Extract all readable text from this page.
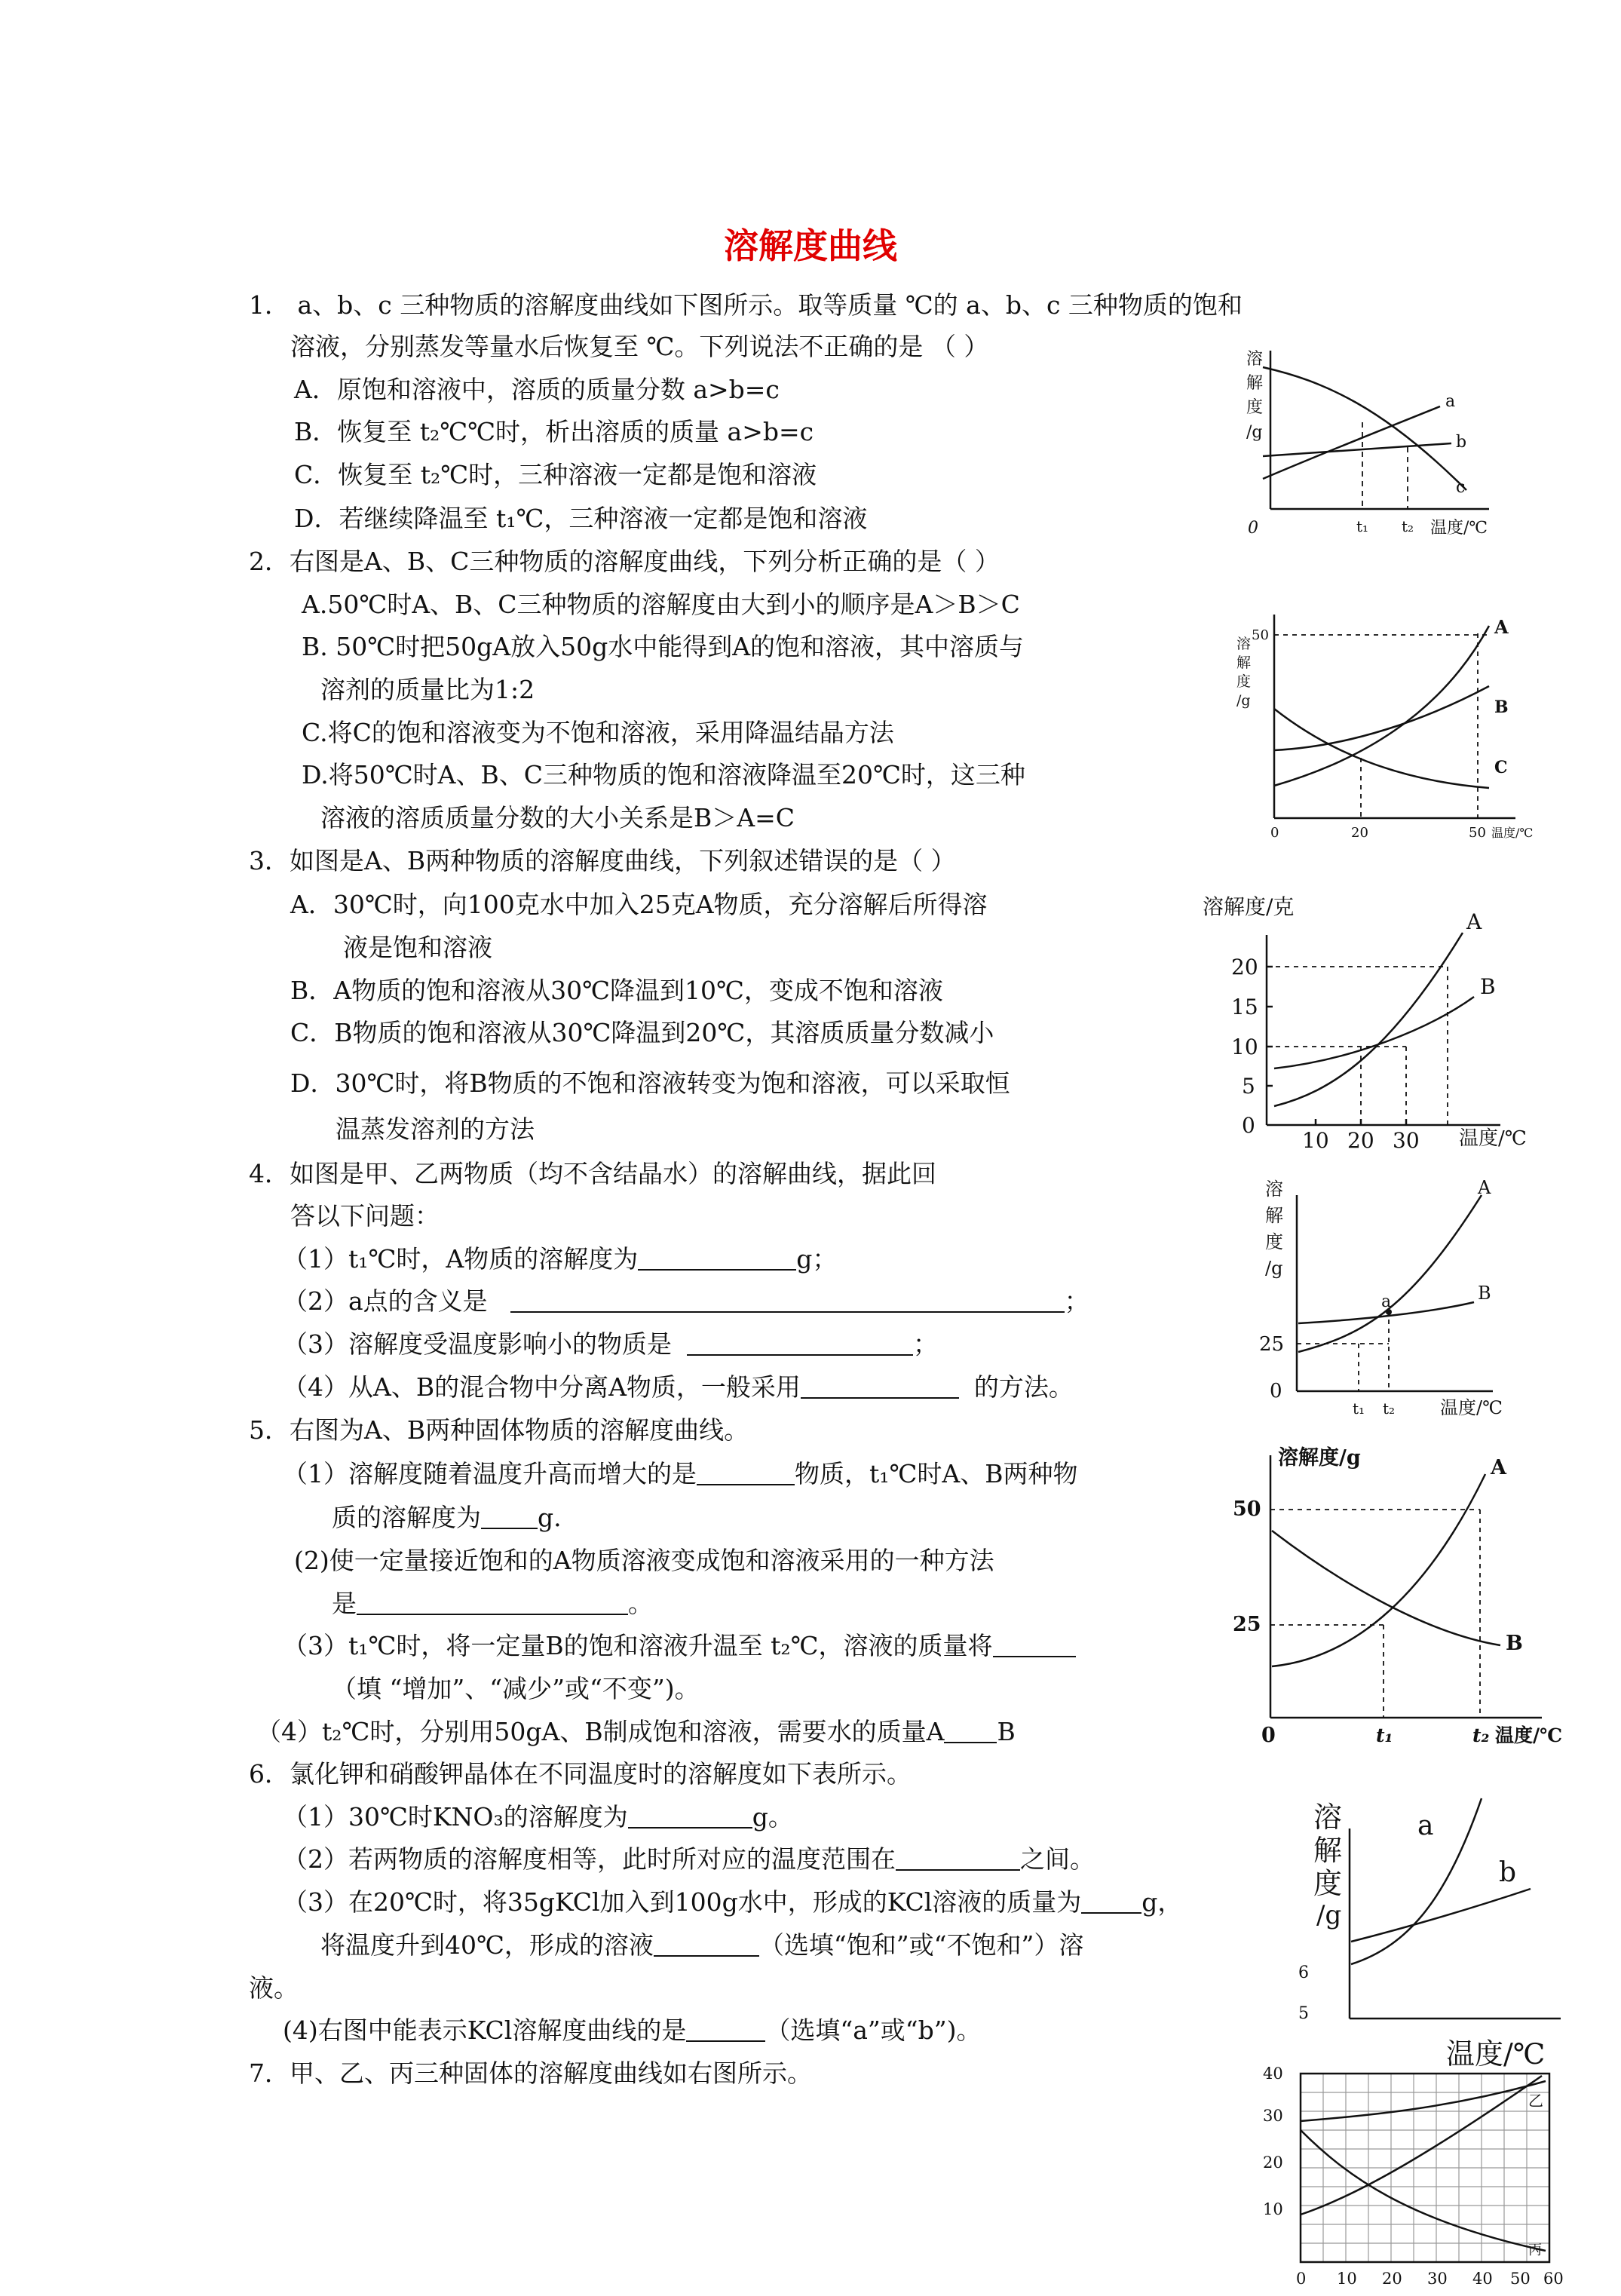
溶解度曲线
1． a、b、c 三种物质的溶解度曲线如下图所示。取等质量 ℃的 a、b、c 三种物质的饱和
溶液，分别蒸发等量水后恢复至 ℃。下列说法不正确的是 （ ）
A．原饱和溶液中，溶质的质量分数 a>b=c
B．恢复至 t₂℃℃时，析出溶质的质量 a>b=c
C．恢复至 t₂℃时，三种溶液一定都是饱和溶液
D．若继续降温至 t₁℃，三种溶液一定都是饱和溶液
2．右图是A、B、C三种物质的溶解度曲线，下列分析正确的是（ ）
A.50℃时A、B、C三种物质的溶解度由大到小的顺序是A＞B＞C
B. 50℃时把50gA放入50g水中能得到A的饱和溶液，其中溶质与
溶剂的质量比为1:2
C.将C的饱和溶液变为不饱和溶液，采用降温结晶方法
D.将50℃时A、B、C三种物质的饱和溶液降温至20℃时，这三种
溶液的溶质质量分数的大小关系是B＞A=C
3．如图是A、B两种物质的溶解度曲线，下列叙述错误的是（ ）
A．30℃时，向100克水中加入25克A物质，充分溶解后所得溶
液是饱和溶液
B．A物质的饱和溶液从30℃降温到10℃，变成不饱和溶液
C．B物质的饱和溶液从30℃降温到20℃，其溶质质量分数减小
D．30℃时，将B物质的不饱和溶液转变为饱和溶液，可以采取恒
温蒸发溶剂的方法
4．如图是甲、乙两物质（均不含结晶水）的溶解曲线，据此回
答以下问题：
（1）t₁℃时，A物质的溶解度为	g；
（2）a点的含义是	；
（3）溶解度受温度影响小的物质是	；
（4）从A、B的混合物中分离A物质，一般采用	的方法。
5．右图为A、B两种固体物质的溶解度曲线。
（1）溶解度随着温度升高而增大的是	物质，t₁℃时A、B两种物
质的溶解度为 g.
(2)使一定量接近饱和的A物质溶液变成饱和溶液采用的一种方法
是	。
（3）t₁℃时，将一定量B的饱和溶液升温至 t₂℃，溶液的质量将
（填 “增加”、“减少”或“不变”)。
（4）t₂℃时，分别用50gA、B制成饱和溶液，需要水的质量A B
6．氯化钾和硝酸钾晶体在不同温度时的溶解度如下表所示。
（1）30℃时KNO₃的溶解度为	g。
（2）若两物质的溶解度相等，此时所对应的温度范围在	之间。
（3）在20℃时，将35gKCl加入到100g水中，形成的KCl溶液的质量为 g，
将温度升到40℃，形成的溶液	（选填“饱和”或“不饱和”）溶
液。
(4)右图中能表示KCl溶解度曲线的是	（选填“a”或“b”)。
7．甲、乙、丙三种固体的溶解度曲线如右图所示。
溶
解
度
/g
0	t₁ t₂ 温度/℃
a
b
c
溶
解
度
/g
50
0	20	50 温度/℃
A
B
C
溶解度/克
20
15
10
5
0
10 20 30 温度/℃
A
B
溶
解
度
/g
25
0
t₁ t₂ 温度/℃
A
B
a
溶解度/g
50
25
0	t₁	t₂ 温度/℃
A
B
溶
解
度
/g
a
b
6
5
温度/℃
40
30
20
10
0 10 20 30 40 50 60
乙
丙
